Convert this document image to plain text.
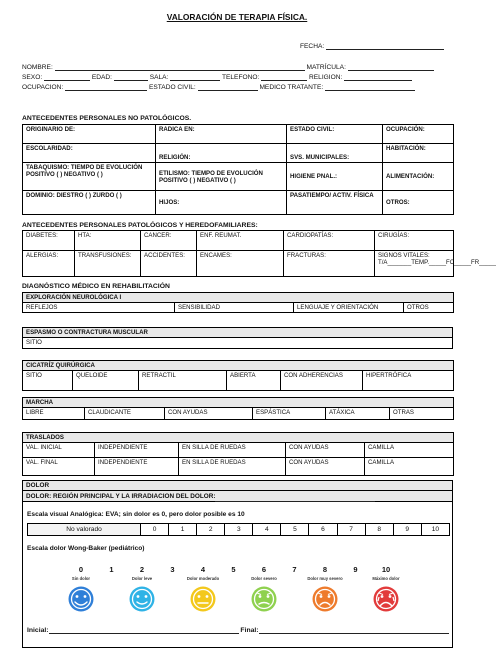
VALORACIÓN DE TERAPIA FÍSICA.
FECHA:
NOMBRE:	MATRÍCULA:
SEXO:	EDAD:	SALA:	TELEFONO:	RELIGION:
OCUPACION:	ESTADO CIVIL:	MEDICO TRATANTE:
ANTECEDENTES PERSONALES NO PATOLÓGICOS.
ORIGINARIO DE:	RADICA EN:	ESTADO CIVIL:	OCUPACIÓN:
ESCOLARIDAD:	RELIGIÓN:	SVS. MUNICIPALES:	HABITACIÓN:
TABAQUISMO: TIEMPO DE EVOLUCIÓN POSITIVO ( ) NEGATIVO ( )	ETILISMO: TIEMPO DE EVOLUCIÓN POSITIVO ( ) NEGATIVO ( )	HIGIENE PNAL.:	ALIMENTACIÓN:
DOMINIO: DIESTRO ( ) ZURDO ( )	HIJOS:	PASATIEMPO/ ACTIV. FÍSICA	OTROS:
ANTECEDENTES PERSONALES PATOLÓGICOS Y HEREDOFAMILIARES:
DIABETES:	HTA:	CANCER:	ENF. REUMAT.	CARDIOPATÍAS:	CIRUGÍAS:
ALERGIAS:	TRANSFUSIONES:	ACCIDENTES:	ENCAMES:	FRACTURAS:	SIGNOS VITALES:
T/A_______TEMP._____FC_____FR_____
DIAGNÓSTICO MÉDICO EN REHABILITACIÓN
EXPLORACIÓN NEUROLÓGICA I
REFLEJOS	SENSIBILIDAD	LENGUAJE Y ORIENTACIÓN	OTROS
ESPASMO O CONTRACTURA MUSCULAR
SITIO
CICATRÍZ QUIRÚRGICA
SITIO	QUELOIDE	RETRACTIL	ABIERTA	CON ADHERENCIAS	HIPERTRÓFICA
MARCHA
LIBRE	CLAUDICANTE	CON AYUDAS	ESPÁSTICA	ATÁXICA	OTRAS
TRASLADOS				
VAL. INICIAL	INDEPENDIENTE	EN SILLA DE RUEDAS	CON AYUDAS	CAMILLA
VAL. FINAL	INDEPENDIENTE	EN SILLA DE RUEDAS	CON AYUDAS	CAMILLA
DOLOR
DOLOR: REGIÓN PRINCIPAL Y LA IRRADIACION DEL DOLOR:
Escala visual Analógica: EVA; sin dolor es 0, pero dolor posible es 10
No valorado	0	1	2	3	4	5	6	7	8	9	10
Escala dolor Wong-Baker (pediátrico)
0	1	2	3	4	5	6	7	8	9	10
Sin dolor	Dolor leve	Dolor moderado	Dolor severo	Dolor muy severo	Máximo dolor
Inicial:	Final:
